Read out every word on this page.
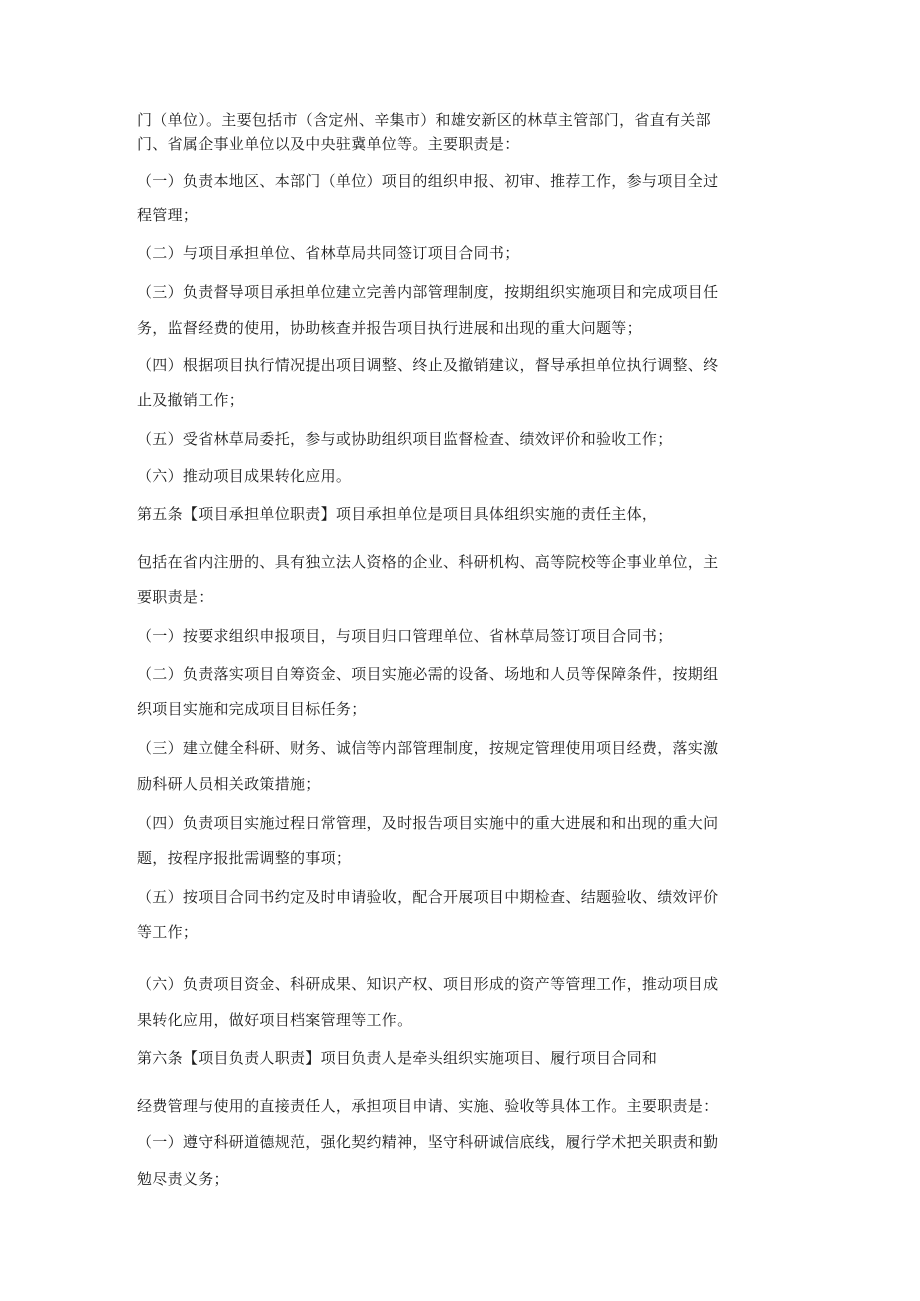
门（单位）。主要包括市（含定州、辛集市）和雄安新区的林草主管部门，省直有关部
门、省属企事业单位以及中央驻冀单位等。主要职责是：
（一）负责本地区、本部门（单位）项目的组织申报、初审、推荐工作，参与项目全过
程管理；
（二）与项目承担单位、省林草局共同签订项目合同书；
（三）负责督导项目承担单位建立完善内部管理制度，按期组织实施项目和完成项目任
务，监督经费的使用，协助核查并报告项目执行进展和出现的重大问题等；
（四）根据项目执行情况提出项目调整、终止及撤销建议，督导承担单位执行调整、终
止及撤销工作；
（五）受省林草局委托，参与或协助组织项目监督检查、绩效评价和验收工作；
（六）推动项目成果转化应用。
第五条【项目承担单位职责】项目承担单位是项目具体组织实施的责任主体，
包括在省内注册的、具有独立法人资格的企业、科研机构、高等院校等企事业单位，主
要职责是：
（一）按要求组织申报项目，与项目归口管理单位、省林草局签订项目合同书；
（二）负责落实项目自筹资金、项目实施必需的设备、场地和人员等保障条件，按期组
织项目实施和完成项目目标任务；
（三）建立健全科研、财务、诚信等内部管理制度，按规定管理使用项目经费，落实激
励科研人员相关政策措施；
（四）负责项目实施过程日常管理，及时报告项目实施中的重大进展和和出现的重大问
题，按程序报批需调整的事项；
（五）按项目合同书约定及时申请验收，配合开展项目中期检查、结题验收、绩效评价
等工作；
（六）负责项目资金、科研成果、知识产权、项目形成的资产等管理工作，推动项目成
果转化应用，做好项目档案管理等工作。
第六条【项目负责人职责】项目负责人是牵头组织实施项目、履行项目合同和
经费管理与使用的直接责任人，承担项目申请、实施、验收等具体工作。主要职责是：
（一）遵守科研道德规范，强化契约精神，坚守科研诚信底线，履行学术把关职责和勤
勉尽责义务；
